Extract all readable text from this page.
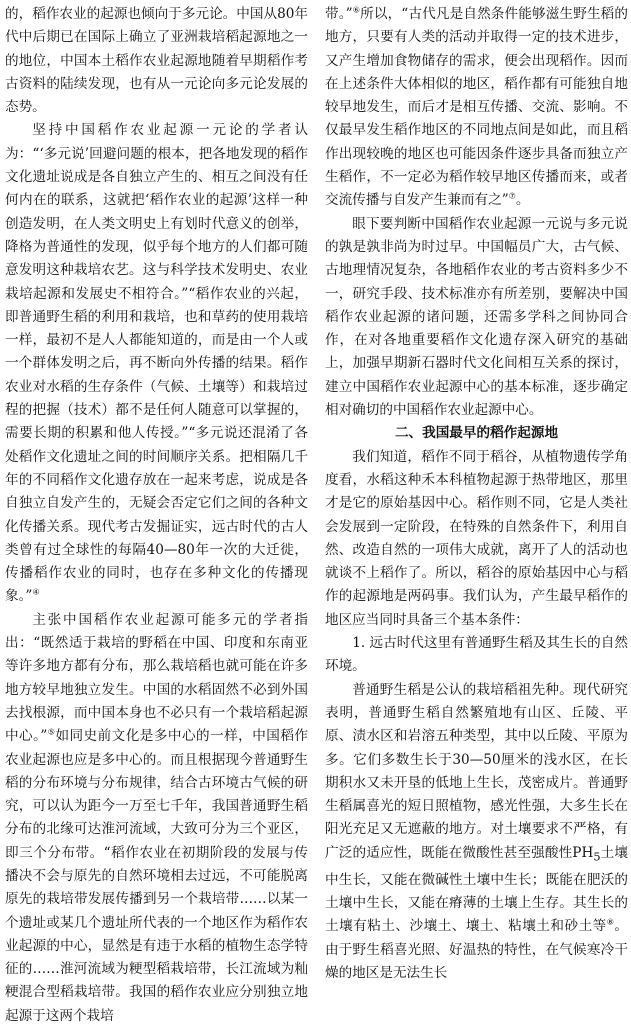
的，稻作农业的起源也倾向于多元论。中国从80年代中后期已在国际上确立了亚洲栽培稻起源地之一的地位，中国本土稻作农业起源地随着早期稻作考古资料的陆续发现，也有从一元论向多元论发展的态势。

坚持中国稻作农业起源一元论的学者认为：“‘多元说’回避问题的根本，把各地发现的稻作文化遗址说成是各自独立产生的、相互之间没有任何内在的联系，这就把‘稻作农业的起源’这样一种创造发明，在人类文明史上有划时代意义的创举，降格为普通性的发现，似乎每个地方的人们都可随意发明这种栽培农艺。这与科学技术发明史、农业栽培起源和发展史不相符合。”“稻作农业的兴起，即普通野生稻的利用和栽培，也和草药的使用栽培一样，最初不是人人都能知道的，而是由一个人或一个群体发明之后，再不断向外传播的结果。稻作农业对水稻的生存条件（气候、土壤等）和栽培过程的把握（技术）都不是任何人随意可以掌握的，需要长期的积累和他人传授。”“多元说还混淆了各处稻作文化遗址之间的时间顺序关系。把相隔几千年的不同稻作文化遗存放在一起来考虑，说成是各自独立自发产生的，无疑会否定它们之间的各种文化传播关系。现代考古发掘证实，远古时代的古人类曾有过全球性的每隔40—80年一次的大迁徙，传播稻作农业的同时，也存在多种文化的传播现象。”④

主张中国稻作农业起源可能多元的学者指出：“既然适于栽培的野稻在中国、印度和东南亚等许多地方都有分布，那么栽培稻也就可能在许多地方较早地独立发生。中国的水稻固然不必到外国去找根源，而中国本身也不必只有一个栽培稻起源中心。”⑤如同史前文化是多中心的一样，中国稻作农业起源也应是多中心的。而且根据现今普通野生稻的分布环境与分布规律，结合古环境古气候的研究，可以认为距今一万至七千年，我国普通野生稻分布的北缘可达淮河流域，大致可分为三个亚区，即三个分布带。“稻作农业在初期阶段的发展与传播决不会与原先的自然环境相去过远，不可能脱离原先的栽培带发展传播到另一个栽培带……以某一个遗址或某几个遗址所代表的一个地区作为稻作农业起源的中心，显然是有违于水稻的植物生态学特征的……淮河流域为粳型稻栽培带，长江流域为籼粳混合型稻栽培带。我国的稻作农业应分别独立地起源于这两个栽培

带。”⑥所以，“古代凡是自然条件能够滋生野生稻的地方，只要有人类的活动并取得一定的技术进步，又产生增加食物储存的需求，便会出现稻作。因而在上述条件大体相似的地区，稻作都有可能独自地较早地发生，而后才是相互传播、交流、影响。不仅最早发生稻作地区的不同地点间是如此，而且稻作出现较晚的地区也可能因条件逐步具备而独立产生稻作，不一定必为稻作较早地区传播而来，或者交流传播与自发产生兼而有之”⑦。

眼下要判断中国稻作农业起源一元说与多元说的孰是孰非尚为时过早。中国幅员广大，古气候、古地理情况复杂，各地稻作农业的考古资料多少不一，研究手段、技术标准亦有所差别，要解决中国稻作农业起源的诸问题，还需多学科之间协同合作，在对各地重要稻作文化遗存深入研究的基础上，加强早期新石器时代文化间相互关系的探讨，建立中国稻作农业起源中心的基本标准，逐步确定相对确切的中国稻作农业起源中心。

二、我国最早的稻作起源地

我们知道，稻作不同于稻谷，从植物遗传学角度看，水稻这种禾本科植物起源于热带地区，那里才是它的原始基因中心。稻作则不同，它是人类社会发展到一定阶段，在特殊的自然条件下，利用自然、改造自然的一项伟大成就，离开了人的活动也就谈不上稻作了。所以，稻谷的原始基因中心与稻作的起源地是两码事。我们认为，产生最早稻作的地区应当同时具备三个基本条件：

1. 远古时代这里有普通野生稻及其生长的自然环境。

普通野生稻是公认的栽培稻祖先种。现代研究表明，普通野生稻自然繁殖地有山区、丘陵、平原、渍水区和岩溶五种类型，其中以丘陵、平原为多。它们多数生长于30—50厘米的浅水区，在长期积水又未开垦的低地上生长，茂密成片。普通野生稻属喜光的短日照植物，感光性强，大多生长在阳光充足又无遮蔽的地方。对土壤要求不严格，有广泛的适应性，既能在微酸性甚至强酸性$PH_5$土壤中生长，又能在微碱性土壤中生长；既能在肥沃的土壤中生长，又能在瘠薄的土壤上生存。其生长的土壤有粘土、沙壤土、壤土、粘壤土和砂土等⑧。由于野生稻喜光照、好温热的特性，在气候寒冷干燥的地区是无法生长
